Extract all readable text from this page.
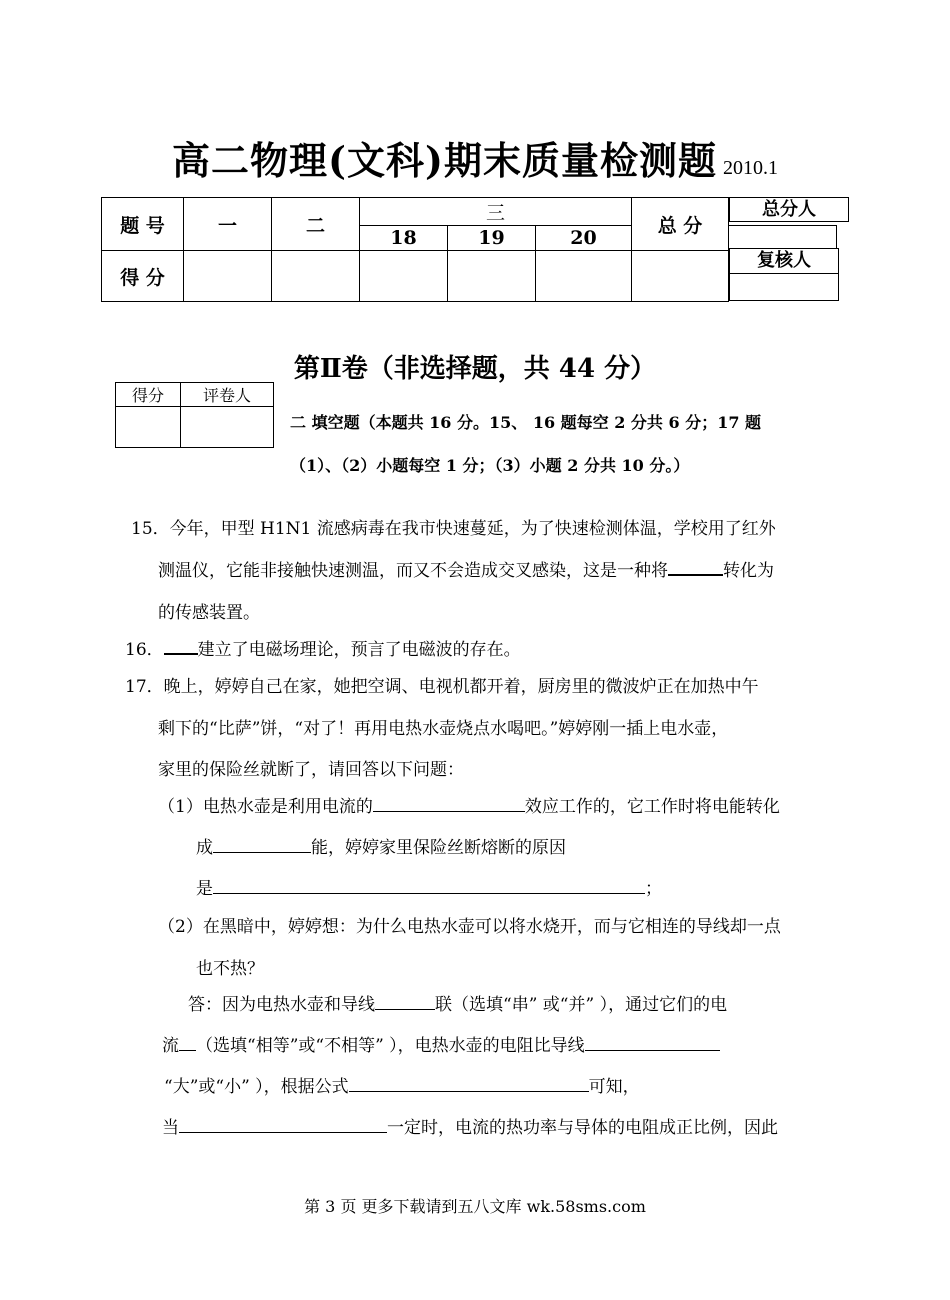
高二物理(文科)期末质量检测题 2010.1
题 号	一	二	三			总 分	
			18	19	20		
得 分							
总分人
复核人
第Ⅱ卷（非选择题，共 44 分）
得分	评卷人

二 填空题（本题共 16 分。15、 16 题每空 2 分共 6 分；17 题
（1）、（2）小题每空 1 分；（3）小题 2 分共 10 分。）
15．今年，甲型 H1N1 流感病毒在我市快速蔓延，为了快速检测体温，学校用了红外
测温仪，它能非接触快速测温，而又不会造成交叉感染，这是一种将	转化为
的传感装置。
16． 建立了电磁场理论，预言了电磁波的存在。
17．晚上，婷婷自己在家，她把空调、电视机都开着，厨房里的微波炉正在加热中午
剩下的“比萨”饼，“对了！再用电热水壶烧点水喝吧。”婷婷刚一插上电水壶，
家里的保险丝就断了，请回答以下问题：
（1）电热水壶是利用电流的	效应工作的，它工作时将电能转化
成	能，婷婷家里保险丝断熔断的原因
是	；
（2）在黑暗中，婷婷想：为什么电热水壶可以将水烧开，而与它相连的导线却一点
也不热？
答：因为电热水壶和导线	联（选填“串” 或“并” ），通过它们的电
流 （选填“相等”或“不相等” ），电热水壶的电阻比导线
“大”或“小” ），根据公式	可知，
当	一定时，电流的热功率与导体的电阻成正比例，因此
第 3 页 更多下载请到五八文库 wk.58sms.com
